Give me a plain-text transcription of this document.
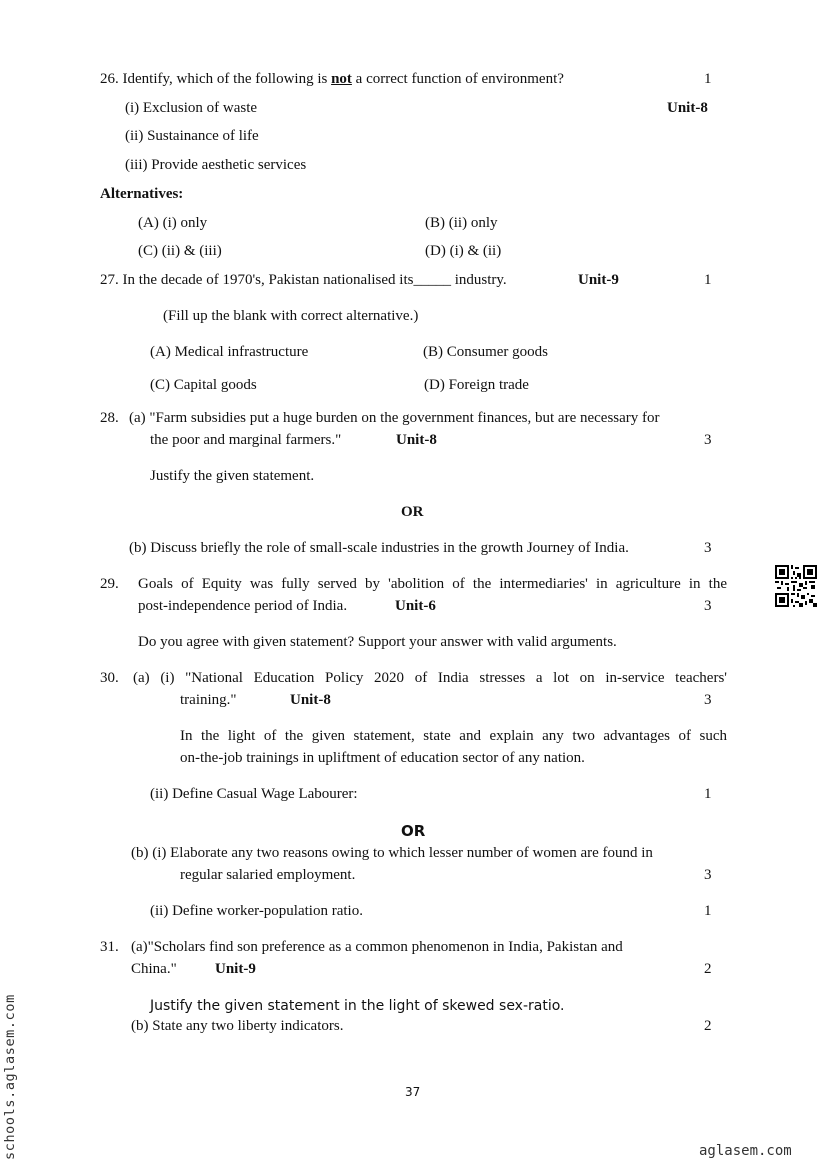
26. Identify, which of the following is not a correct function of environment?	1
(i) Exclusion of waste	Unit-8
(ii) Sustainance of life
(iii) Provide aesthetic services
Alternatives:
(A) (i) only	(B) (ii) only
(C) (ii) & (iii)	(D) (i) & (ii)
27. In the decade of 1970's, Pakistan nationalised its_____ industry.	Unit-9	1
(Fill up the blank with correct alternative.)
(A) Medical infrastructure	(B) Consumer goods
(C) Capital goods	(D) Foreign trade
28. (a) "Farm subsidies put a huge burden on the government finances, but are necessary for
the poor and marginal farmers."	Unit-8	3
Justify the given statement.
OR
(b) Discuss briefly the role of small-scale industries in the growth Journey of India.	3
29. Goals of Equity was fully served by 'abolition of the intermediaries' in agriculture in the
post-independence period of India.	Unit-6	3
Do you agree with given statement? Support your answer with valid arguments.
30. (a) (i) "National Education Policy 2020 of India stresses a lot on in-service teachers'
training."	Unit-8	3
In the light of the given statement, state and explain any two advantages of such
on-the-job trainings in upliftment of education sector of any nation.
(ii) Define Casual Wage Labourer:	1
OR
(b) (i) Elaborate any two reasons owing to which lesser number of women are found in
regular salaried employment.	3
(ii) Define worker-population ratio.	1
31. (a)"Scholars find son preference as a common phenomenon in India, Pakistan and
China."	Unit-9	2
Justify the given statement in the light of skewed sex-ratio.
(b) State any two liberty indicators.	2
37
aglasem.com
schools.aglasem.com
